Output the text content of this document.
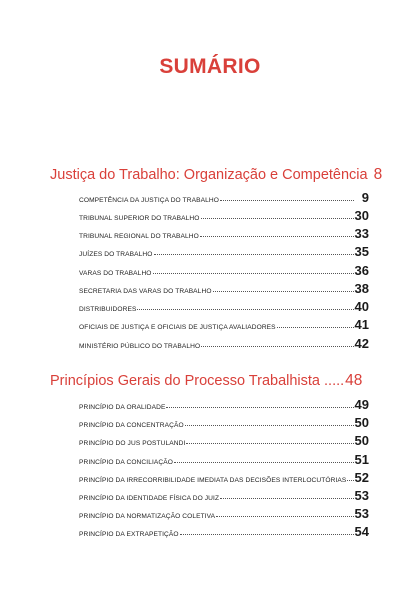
SUMÁRIO
Justiça do Trabalho: Organização e Competência 8
COMPETÊNCIA DA JUSTIÇA DO TRABALHO	9
TRIBUNAL SUPERIOR DO TRABALHO	30
TRIBUNAL REGIONAL DO TRABALHO	33
JUÍZES DO TRABALHO	35
VARAS DO TRABALHO	36
SECRETARIA DAS VARAS DO TRABALHO	38
DISTRIBUIDORES	40
OFICIAIS DE JUSTIÇA E OFICIAIS DE JUSTIÇA AVALIADORES	41
MINISTÉRIO PÚBLICO DO TRABALHO	42
Princípios Gerais do Processo Trabalhista ..... 48
PRINCÍPIO DA ORALIDADE	49
PRINCÍPIO DA CONCENTRAÇÃO	50
PRINCÍPIO DO JUS POSTULANDI	50
PRINCÍPIO DA CONCILIAÇÃO	51
PRINCÍPIO DA IRRECORRIBILIDADE IMEDIATA DAS DECISÕES INTERLOCUTÓRIAS 52
PRINCÍPIO DA IDENTIDADE FÍSICA DO JUIZ	53
PRINCÍPIO DA NORMATIZAÇÃO COLETIVA	53
PRINCÍPIO DA EXTRAPETIÇÃO	54
